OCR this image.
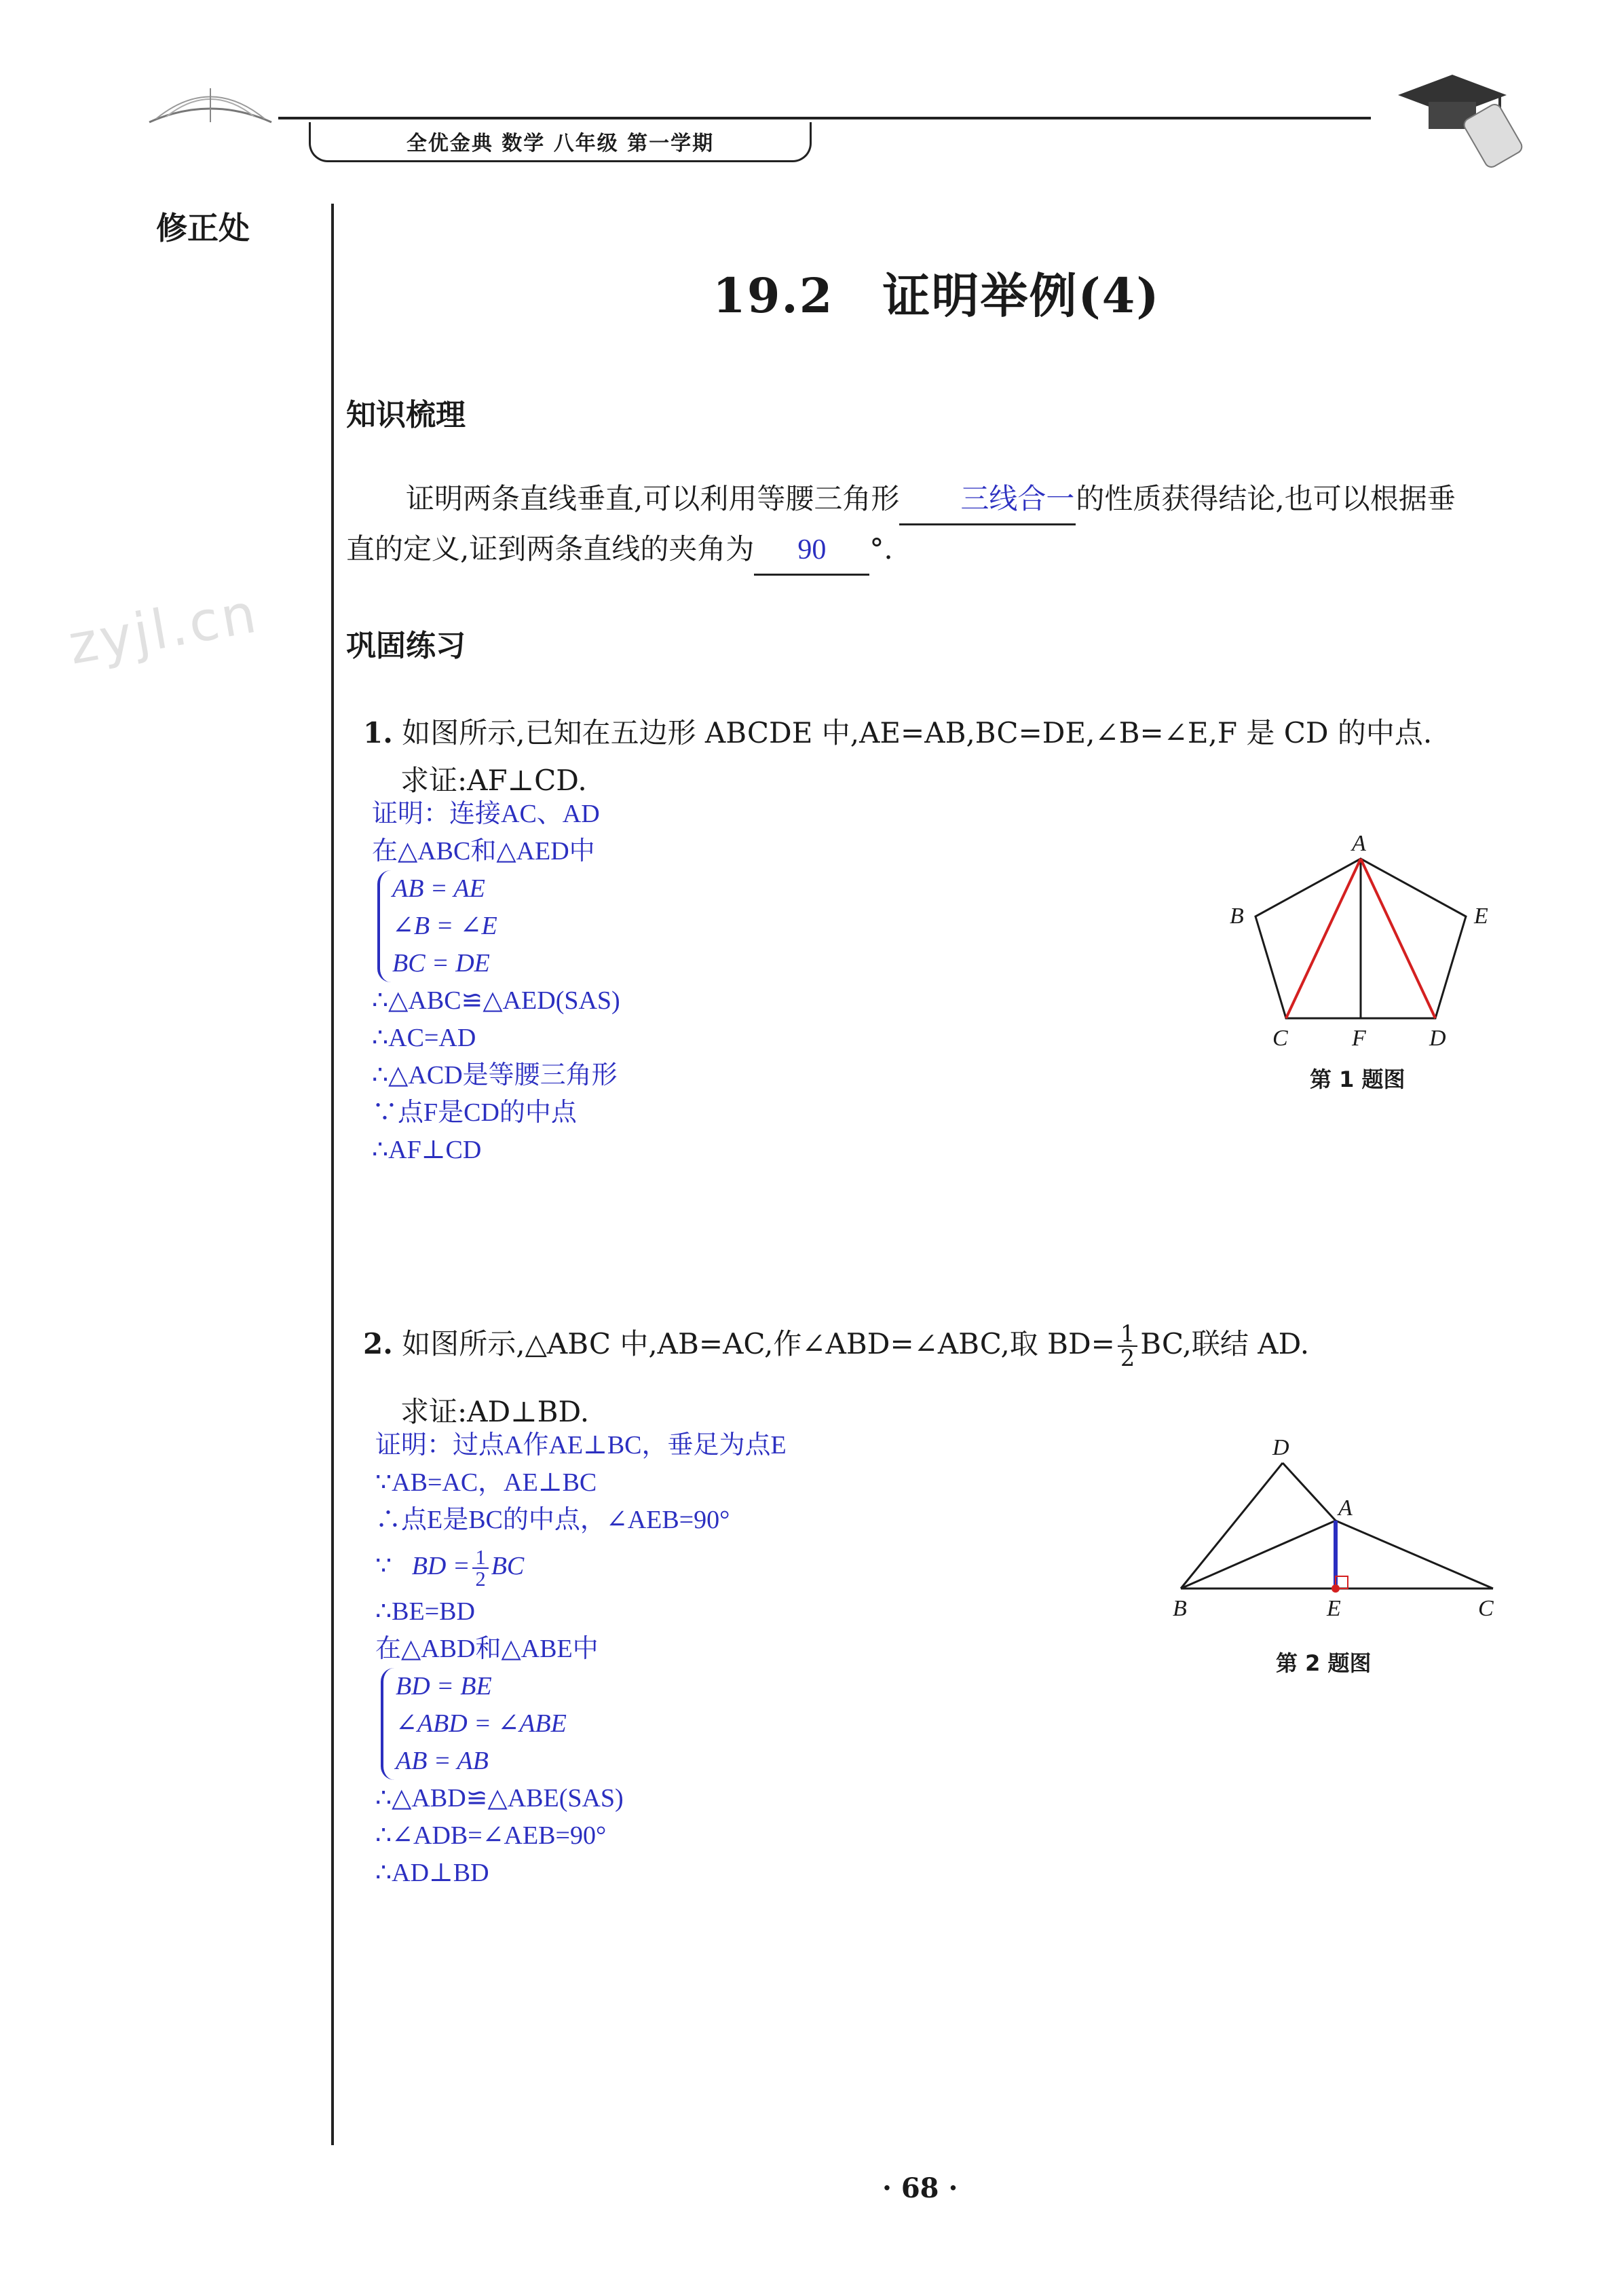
全优金典 数学 八年级 第一学期
修正处
zyjl.cn
19.2　证明举例(4)
知识梳理
证明两条直线垂直,可以利用等腰三角形 三线合一的性质获得结论,也可以根据垂
直的定义,证到两条直线的夹角为 90 °.
巩固练习
1. 如图所示,已知在五边形 ABCDE 中,AE=AB,BC=DE,∠B=∠E,F 是 CD 的中点.
求证:AF⊥CD.
证明：连接AC、AD
在△ABC和△AED中
AB = AE
∠B = ∠E
BC = DE
∴△ABC≌△AED(SAS)
∴AC=AD
∴△ACD是等腰三角形
∵点F是CD的中点
∴AF⊥CD
A
B
C	F	D
E
第 1 题图
2. 如图所示,△ABC 中,AB=AC,作∠ABD=∠ABC,取 $BD= \frac{1}{2}$ BC,联结 AD.
求证:AD⊥BD.
证明：过点A作AE⊥BC，垂足为点E
∵AB=AC，AE⊥BC
∴点E是BC的中点，∠AEB=90°
∵ BD = $\frac{1}{2}$ BC
∴BE=BD
在△ABD和△ABE中
BD = BE
∠ABD = ∠ABE
AB = AB
∴△ABD≌△ABE(SAS)
∴∠ADB=∠AEB=90°
∴AD⊥BD
D
A
B	E	C
第 2 题图
· 68 ·
